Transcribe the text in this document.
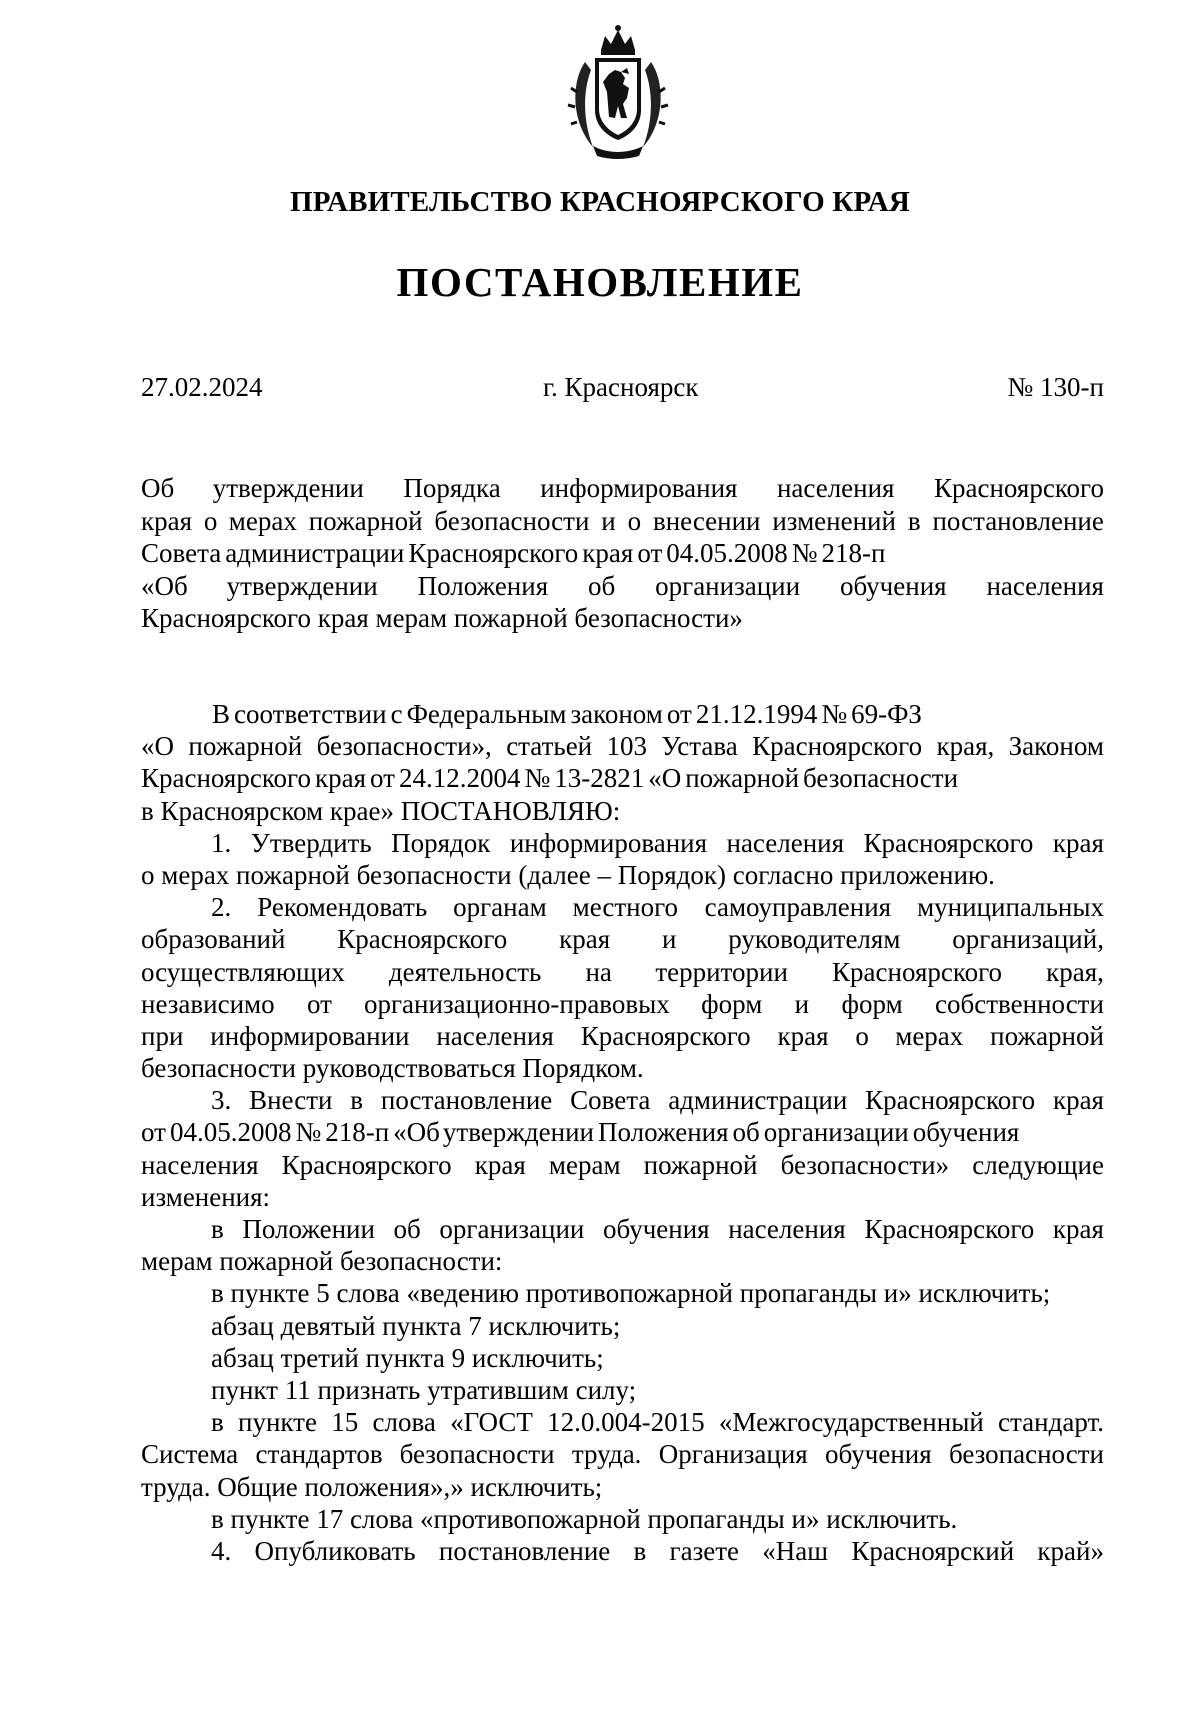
ПРАВИТЕЛЬСТВО КРАСНОЯРСКОГО КРАЯ
ПОСТАНОВЛЕНИЕ
27.02.2024	г. Красноярск	№ 130-п
Об утверждении Порядка информирования населения Красноярского
края о мерах пожарной безопасности и о внесении изменений в постановление
Совета администрации Красноярского края от 04.05.2008 № 218-п
«Об утверждении Положения об организации обучения населения
Красноярского края мерам пожарной безопасности»
В соответствии с Федеральным законом от 21.12.1994 № 69-ФЗ
«О пожарной безопасности», статьей 103 Устава Красноярского края, Законом
Красноярского края от 24.12.2004 № 13-2821 «О пожарной безопасности
в Красноярском крае» ПОСТАНОВЛЯЮ:
1. Утвердить Порядок информирования населения Красноярского края
о мерах пожарной безопасности (далее – Порядок) согласно приложению.
2. Рекомендовать органам местного самоуправления муниципальных
образований Красноярского края и руководителям организаций,
осуществляющих деятельность на территории Красноярского края,
независимо от организационно-правовых форм и форм собственности
при информировании населения Красноярского края о мерах пожарной
безопасности руководствоваться Порядком.
3. Внести в постановление Совета администрации Красноярского края
от 04.05.2008 № 218-п «Об утверждении Положения об организации обучения
населения Красноярского края мерам пожарной безопасности» следующие
изменения:
в Положении об организации обучения населения Красноярского края
мерам пожарной безопасности:
в пункте 5 слова «ведению противопожарной пропаганды и» исключить;
абзац девятый пункта 7 исключить;
абзац третий пункта 9 исключить;
пункт 11 признать утратившим силу;
в пункте 15 слова «ГОСТ 12.0.004-2015 «Межгосударственный стандарт.
Система стандартов безопасности труда. Организация обучения безопасности
труда. Общие положения»,» исключить;
в пункте 17 слова «противопожарной пропаганды и» исключить.
4. Опубликовать постановление в газете «Наш Красноярский край»
